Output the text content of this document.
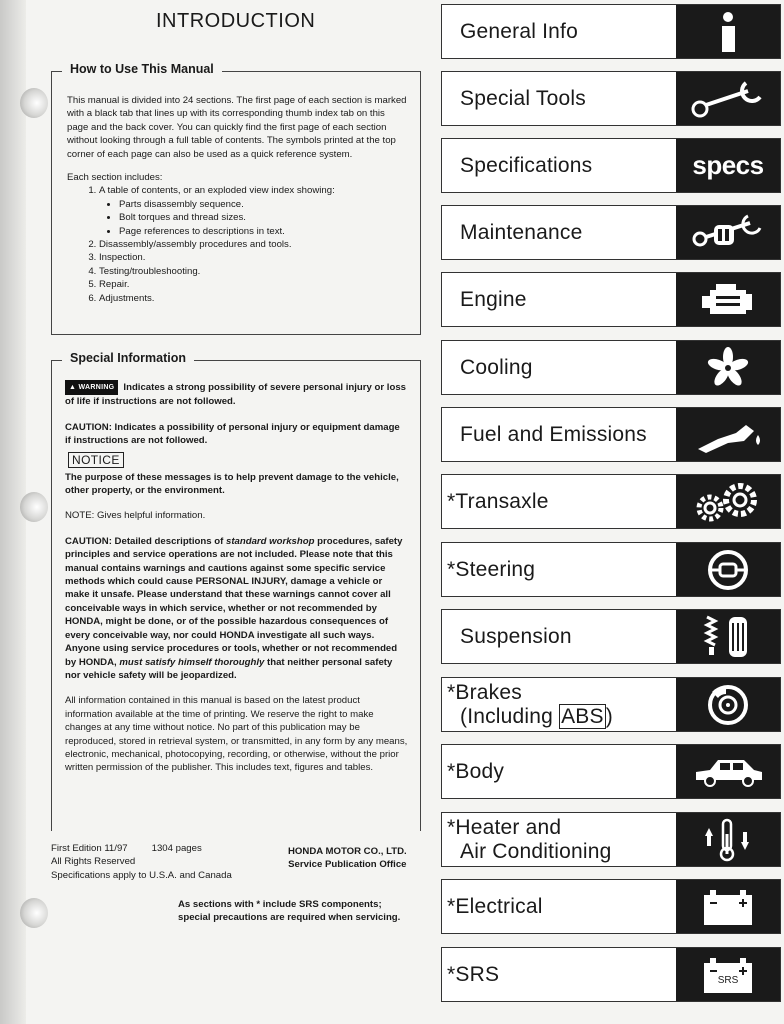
INTRODUCTION
How to Use This Manual

This manual is divided into 24 sections. The first page of each section is marked with a black tab that lines up with its corresponding thumb index tab on this page and the back cover. You can quickly find the first page of each section without looking through a full table of contents. The symbols printed at the top corner of each page can also be used as a quick reference system.

Each section includes:

1. A table of contents, or an exploded view index showing:
• Parts disassembly sequence.
• Bolt torques and thread sizes.
• Page references to descriptions in text.
2. Disassembly/assembly procedures and tools.
3. Inspection.
4. Testing/troubleshooting.
5. Repair.
6. Adjustments.
Special Information

▲ WARNING Indicates a strong possibility of severe personal injury or loss of life if instructions are not followed.

CAUTION: Indicates a possibility of personal injury or equipment damage if instructions are not followed.

NOTICE

The purpose of these messages is to help prevent damage to the vehicle, other property, or the environment.

NOTE: Gives helpful information.

CAUTION: Detailed descriptions of standard workshop procedures, safety principles and service operations are not included. Please note that this manual contains warnings and cautions against some specific service methods which could cause PERSONAL INJURY, damage a vehicle or make it unsafe. Please understand that these warnings cannot cover all conceivable ways in which service, whether or not recommended by HONDA, might be done, or of the possible hazardous consequences of every conceivable way, nor could HONDA investigate all such ways. Anyone using service procedures or tools, whether or not recommended by HONDA, must satisfy himself thoroughly that neither personal safety nor vehicle safety will be jeopardized.

All information contained in this manual is based on the latest product information available at the time of printing. We reserve the right to make changes at any time without notice. No part of this publication may be reproduced, stored in retrieval system, or transmitted, in any form by any means, electronic, mechanical, photocopying, recording, or otherwise, without the prior written permission of the publisher. This includes text, figures and tables.

First Edition 11/97	1304 pages
All Rights Reserved
Specifications apply to U.S.A. and Canada
HONDA MOTOR CO., LTD.
Service Publication Office
As sections with * include SRS components;
special precautions are required when servicing.
General Info
Special Tools
Specifications	specs
Maintenance
Engine
Cooling
Fuel and Emissions
*Transaxle
*Steering
Suspension
*Brakes
(Including ABS)
*Body
*Heater and
Air Conditioning
*Electrical
*SRS	SRS
